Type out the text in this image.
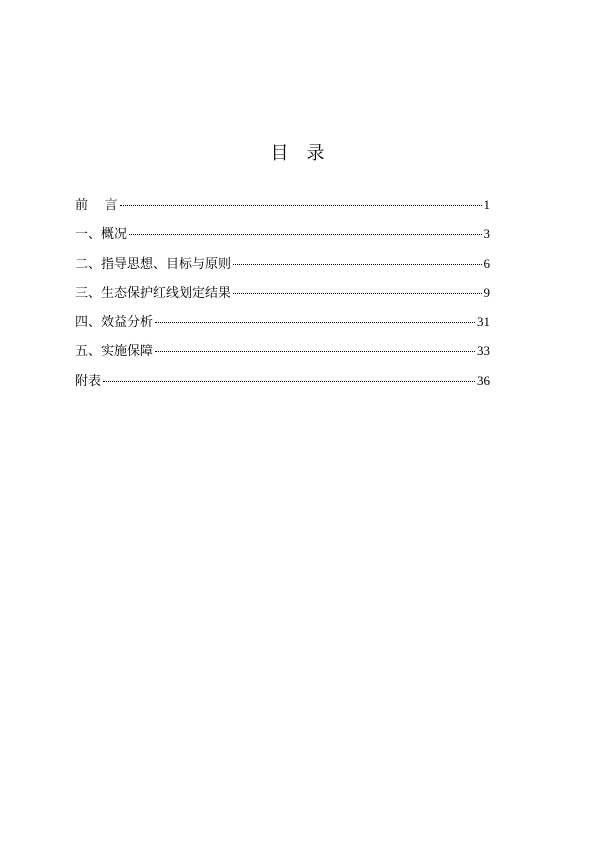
目录
前    言	1
一、概况	3
二、指导思想、目标与原则	6
三、生态保护红线划定结果	9
四、效益分析	31
五、实施保障	33
附表	36
